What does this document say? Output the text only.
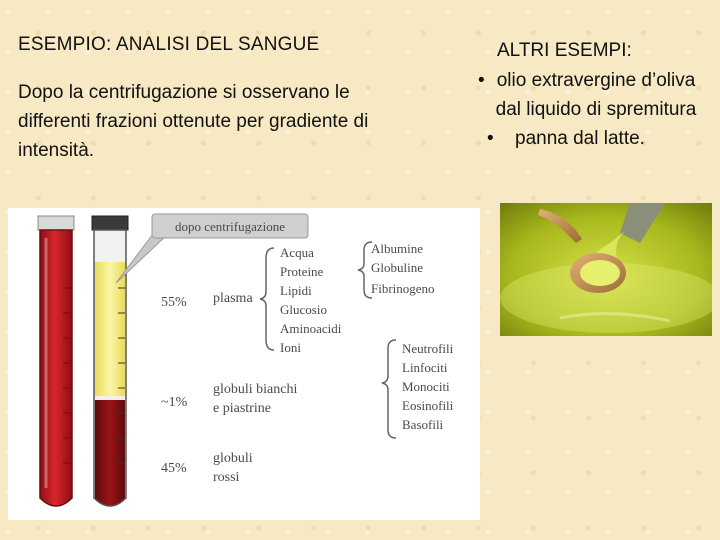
ESEMPIO: ANALISI DEL SANGUE
Dopo la centrifugazione si osservano le differenti frazioni ottenute per gradiente di intensità.
ALTRI ESEMPI:
• olio extravergine d’oliva dal liquido di spremitura
• panna dal latte.
dopo centrifugazione
55% plasma
~1%
globuli bianchi
e piastrine
45%
globuli
rossi
Acqua
Proteine
Lipidi
Glucosio
Aminoacidi
Ioni
Albumine
Globuline
Fibrinogeno
Neutrofili
Linfociti
Monociti
Eosinofili
Basofili
